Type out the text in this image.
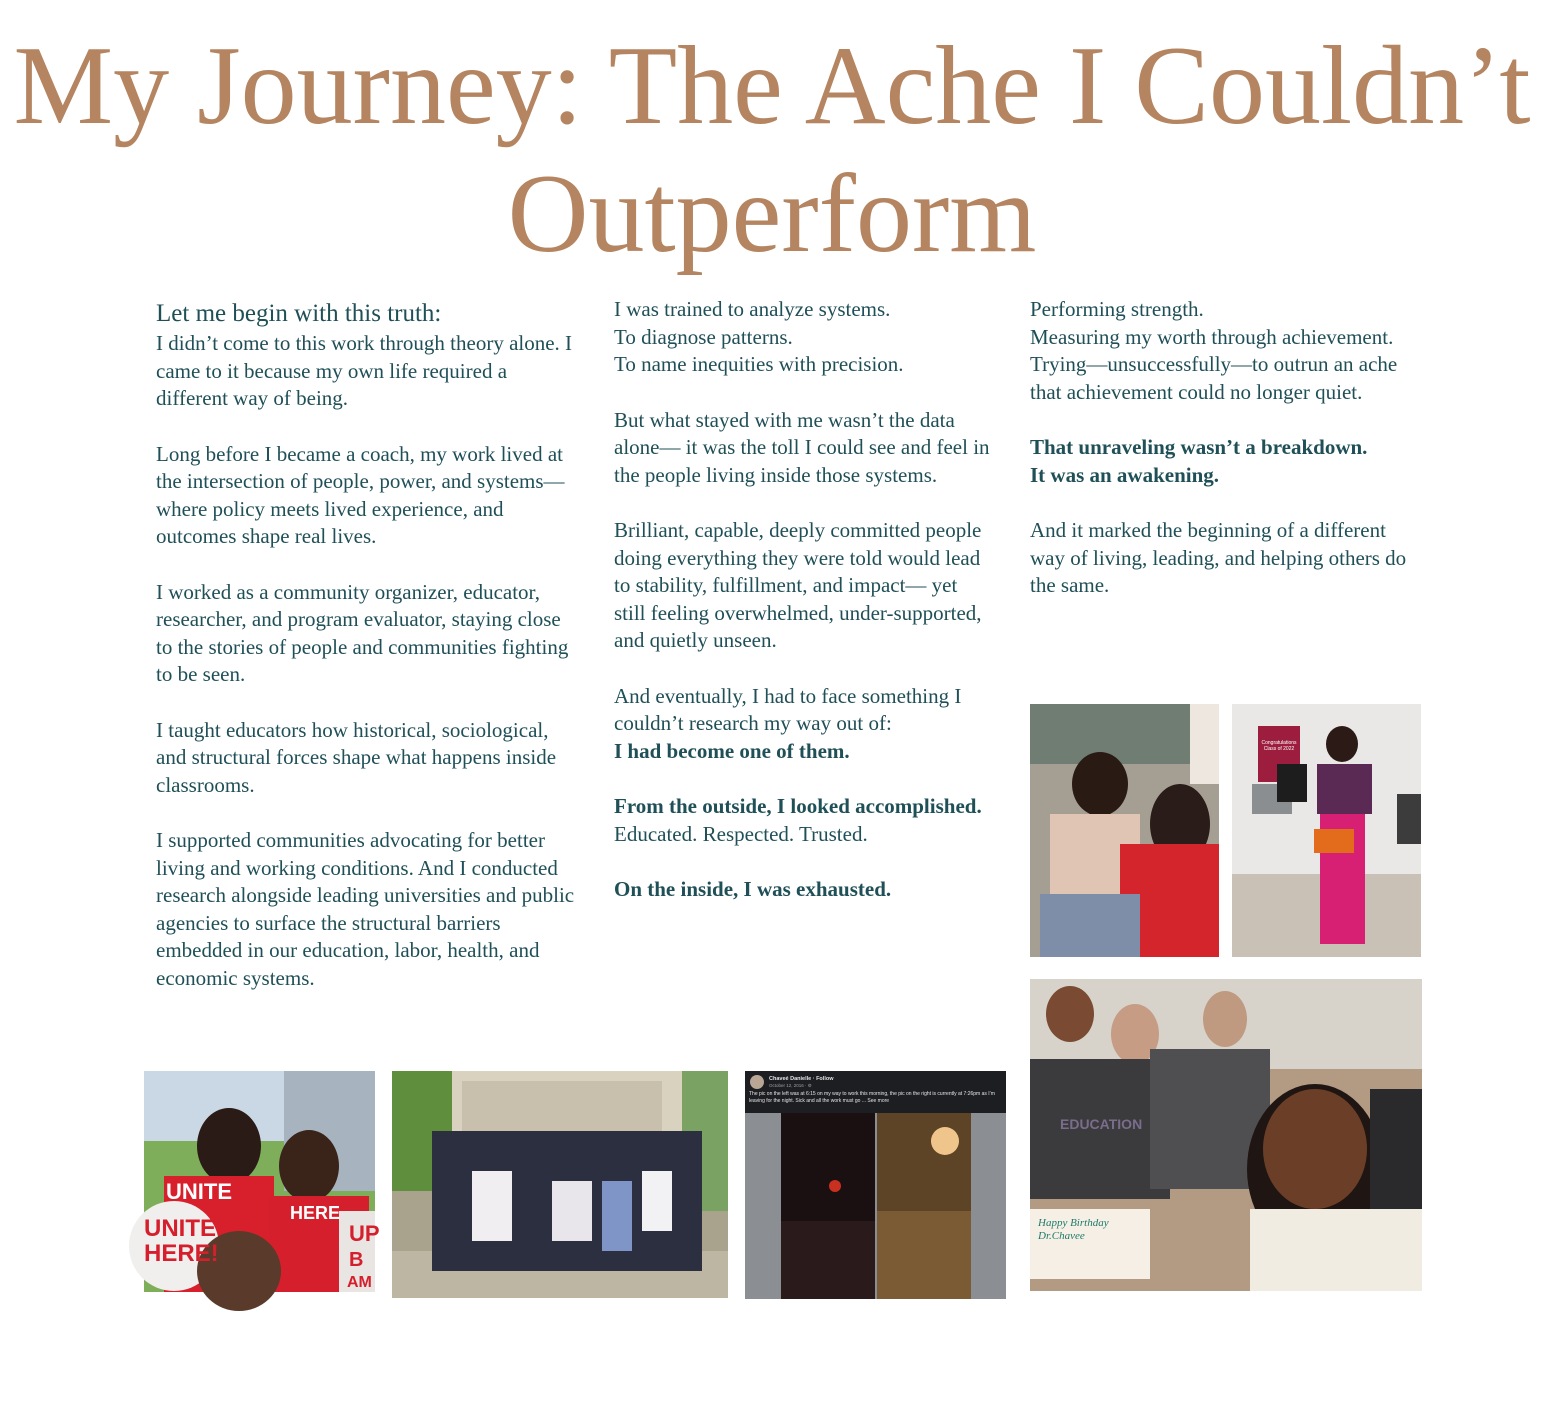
My Journey: The Ache I Couldn’t Outperform

Let me begin with this truth:

I didn’t come to this work through theory alone. I came to it because my own life required a different way of being.

Long before I became a coach, my work lived at the intersection of people, power, and systems— where policy meets lived experience, and outcomes shape real lives.

I worked as a community organizer, educator, researcher, and program evaluator, staying close to the stories of people and communities fighting to be seen.

I taught educators how historical, sociological, and structural forces shape what happens inside classrooms.

I supported communities advocating for better living and working conditions. And I conducted research alongside leading universities and public agencies to surface the structural barriers embedded in our education, labor, health, and economic systems.

I was trained to analyze systems.
To diagnose patterns.
To name inequities with precision.

But what stayed with me wasn’t the data alone— it was the toll I could see and feel in the people living inside those systems.

Brilliant, capable, deeply committed people doing everything they were told would lead to stability, fulfillment, and impact— yet still feeling overwhelmed, under-supported, and quietly unseen.

And eventually, I had to face something I couldn’t research my way out of:
I had become one of them.

From the outside, I looked accomplished. Educated. Respected. Trusted.

On the inside, I was exhausted.

Performing strength.
Measuring my worth through achievement.
Trying—unsuccessfully—to outrun an ache that achievement could no longer quiet.

That unraveling wasn’t a breakdown.
It was an awakening.

And it marked the beginning of a different way of living, leading, and helping others do the same.

UNITE
HERE
UNITE
HERE!
UP
B
AM
Chaveé Danielle · Follow
October 12, 2016 · ⚙
The pic on the left was at 6:15 on my way to work this morning, the pic on the right is currently at 7:26pm as I’m leaving for the night. Sick and all the work must go ... See more
Congratulations Class of 2022
EDUCATION
Happy Birthday Dr.Chavee
